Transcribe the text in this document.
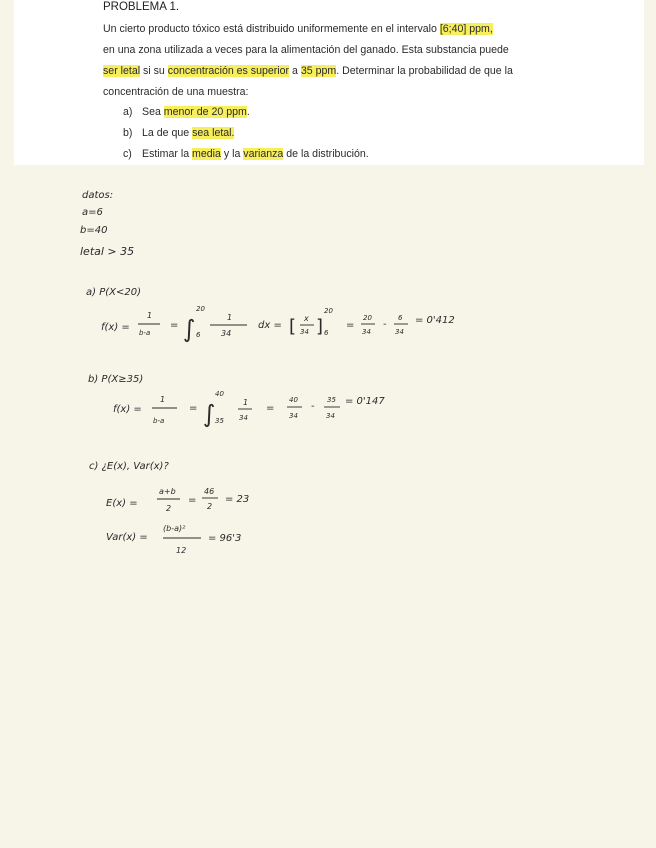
PROBLEMA 1.
Un cierto producto tóxico está distribuido uniformemente en el intervalo [6;40] ppm,
en una zona utilizada a veces para la alimentación del ganado. Esta substancia puede
ser letal si su concentración es superior a 35 ppm. Determinar la probabilidad de que la
concentración de una muestra:
a) Sea menor de 20 ppm.
b) La de que sea letal.
c) Estimar la media y la varianza de la distribución.
datos:
a=6
b=40
letal > 35
a) P(X<20)
f(x) =
1
b-a
= ∫
20
6
1
34
dx = [ x
34 ]
20
6
=
20
34
-
6
34
= 0'412
b) P(X≥35)
f(x) =
1
b-a
= ∫
40
35
1
34
=
40
34
-
35
34
= 0'147
c) ¿E(x), Var(x)?
E(x) =
a+b
2
=
46
2
= 23
Var(x) =
(b-a)²
12
= 96'3
